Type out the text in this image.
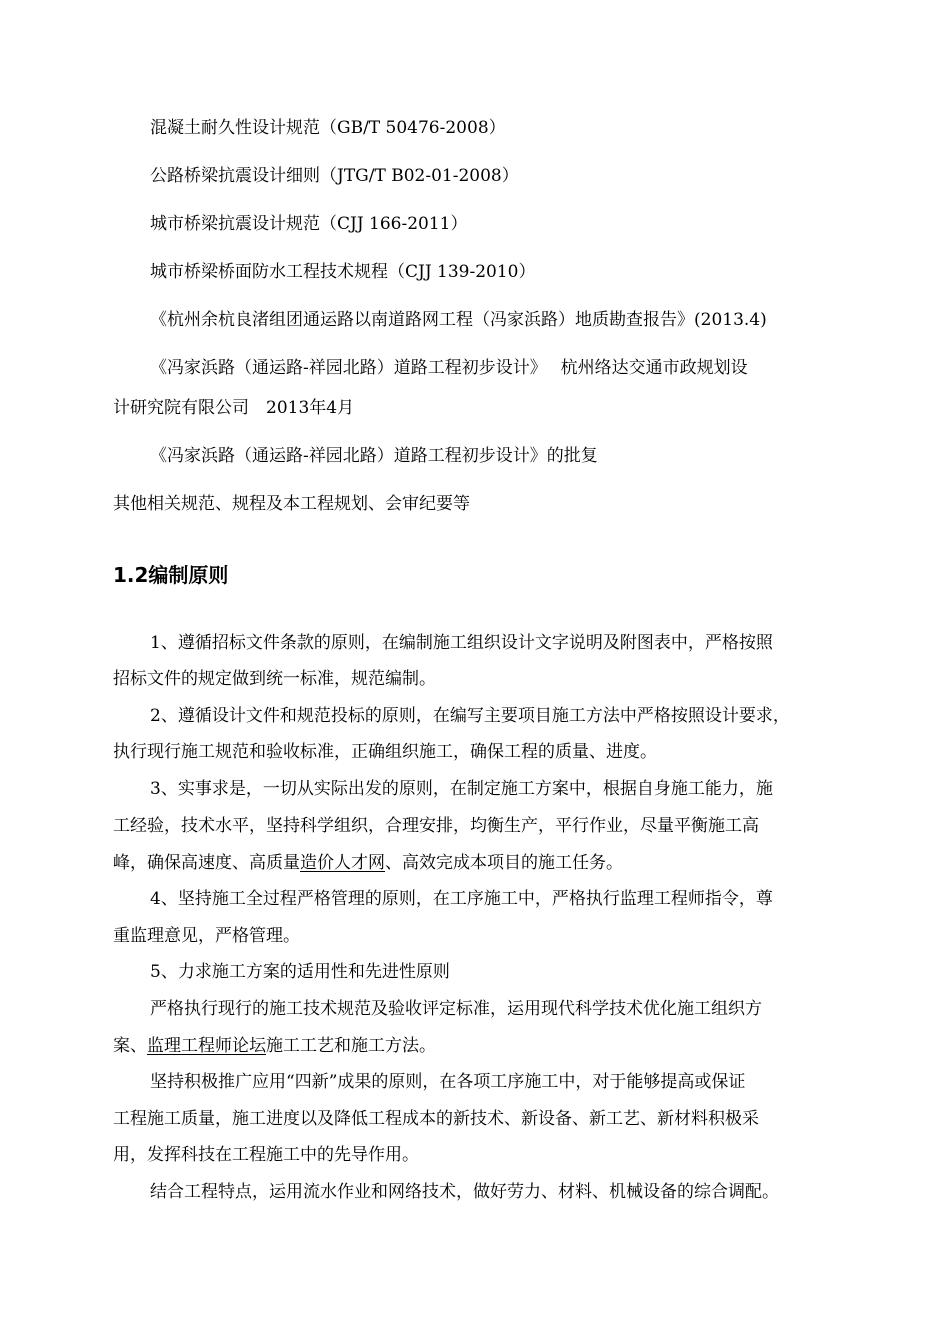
混凝土耐久性设计规范（GB/T 50476-2008）
公路桥梁抗震设计细则（JTG/T B02-01-2008）
城市桥梁抗震设计规范（CJJ 166-2011）
城市桥梁桥面防水工程技术规程（CJJ 139-2010）
《杭州余杭良渚组团通运路以南道路网工程（冯家浜路）地质勘查报告》(2013.4)
《冯家浜路（通运路-祥园北路）道路工程初步设计》　 杭州络达交通市政规划设
计研究院有限公司　2013年4月
《冯家浜路（通运路-祥园北路）道路工程初步设计》的批复
其他相关规范、规程及本工程规划、会审纪要等
1.2编制原则
1、遵循招标文件条款的原则，在编制施工组织设计文字说明及附图表中，严格按照
招标文件的规定做到统一标准，规范编制。
2、遵循设计文件和规范投标的原则，在编写主要项目施工方法中严格按照设计要求，
执行现行施工规范和验收标准，正确组织施工，确保工程的质量、进度。
3、实事求是，一切从实际出发的原则，在制定施工方案中，根据自身施工能力，施
工经验，技术水平，坚持科学组织，合理安排，均衡生产，平行作业，尽量平衡施工高
峰，确保高速度、高质量造价人才网、高效完成本项目的施工任务。
4、坚持施工全过程严格管理的原则，在工序施工中，严格执行监理工程师指令，尊
重监理意见，严格管理。
5、力求施工方案的适用性和先进性原则
严格执行现行的施工技术规范及验收评定标准，运用现代科学技术优化施工组织方
案、监理工程师论坛施工工艺和施工方法。
坚持积极推广应用“四新”成果的原则，在各项工序施工中，对于能够提高或保证
工程施工质量，施工进度以及降低工程成本的新技术、新设备、新工艺、新材料积极采
用，发挥科技在工程施工中的先导作用。
结合工程特点，运用流水作业和网络技术，做好劳力、材料、机械设备的综合调配。
